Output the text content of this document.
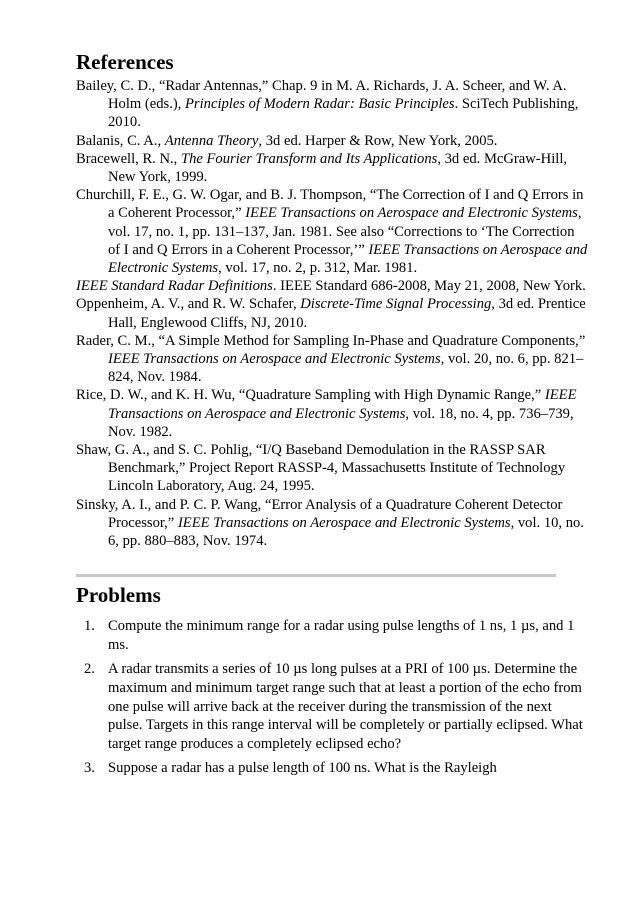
References
Bailey, C. D., “Radar Antennas,” Chap. 9 in M. A. Richards, J. A. Scheer, and W. A. Holm (eds.), Principles of Modern Radar: Basic Principles. SciTech Publishing, 2010.
Balanis, C. A., Antenna Theory, 3d ed. Harper & Row, New York, 2005.
Bracewell, R. N., The Fourier Transform and Its Applications, 3d ed. McGraw-Hill, New York, 1999.
Churchill, F. E., G. W. Ogar, and B. J. Thompson, “The Correction of I and Q Errors in a Coherent Processor,” IEEE Transactions on Aerospace and Electronic Systems, vol. 17, no. 1, pp. 131–137, Jan. 1981. See also “Corrections to ‘The Correction of I and Q Errors in a Coherent Processor,’” IEEE Transactions on Aerospace and Electronic Systems, vol. 17, no. 2, p. 312, Mar. 1981.
IEEE Standard Radar Definitions. IEEE Standard 686-2008, May 21, 2008, New York.
Oppenheim, A. V., and R. W. Schafer, Discrete-Time Signal Processing, 3d ed. Prentice Hall, Englewood Cliffs, NJ, 2010.
Rader, C. M., “A Simple Method for Sampling In-Phase and Quadrature Components,” IEEE Transactions on Aerospace and Electronic Systems, vol. 20, no. 6, pp. 821–824, Nov. 1984.
Rice, D. W., and K. H. Wu, “Quadrature Sampling with High Dynamic Range,” IEEE Transactions on Aerospace and Electronic Systems, vol. 18, no. 4, pp. 736–739, Nov. 1982.
Shaw, G. A., and S. C. Pohlig, “I/Q Baseband Demodulation in the RASSP SAR Benchmark,” Project Report RASSP-4, Massachusetts Institute of Technology Lincoln Laboratory, Aug. 24, 1995.
Sinsky, A. I., and P. C. P. Wang, “Error Analysis of a Quadrature Coherent Detector Processor,” IEEE Transactions on Aerospace and Electronic Systems, vol. 10, no. 6, pp. 880–883, Nov. 1974.
Problems
1. Compute the minimum range for a radar using pulse lengths of 1 ns, 1 µs, and 1 ms.
2. A radar transmits a series of 10 µs long pulses at a PRI of 100 µs. Determine the maximum and minimum target range such that at least a portion of the echo from one pulse will arrive back at the receiver during the transmission of the next pulse. Targets in this range interval will be completely or partially eclipsed. What target range produces a completely eclipsed echo?
3. Suppose a radar has a pulse length of 100 ns. What is the Rayleigh
